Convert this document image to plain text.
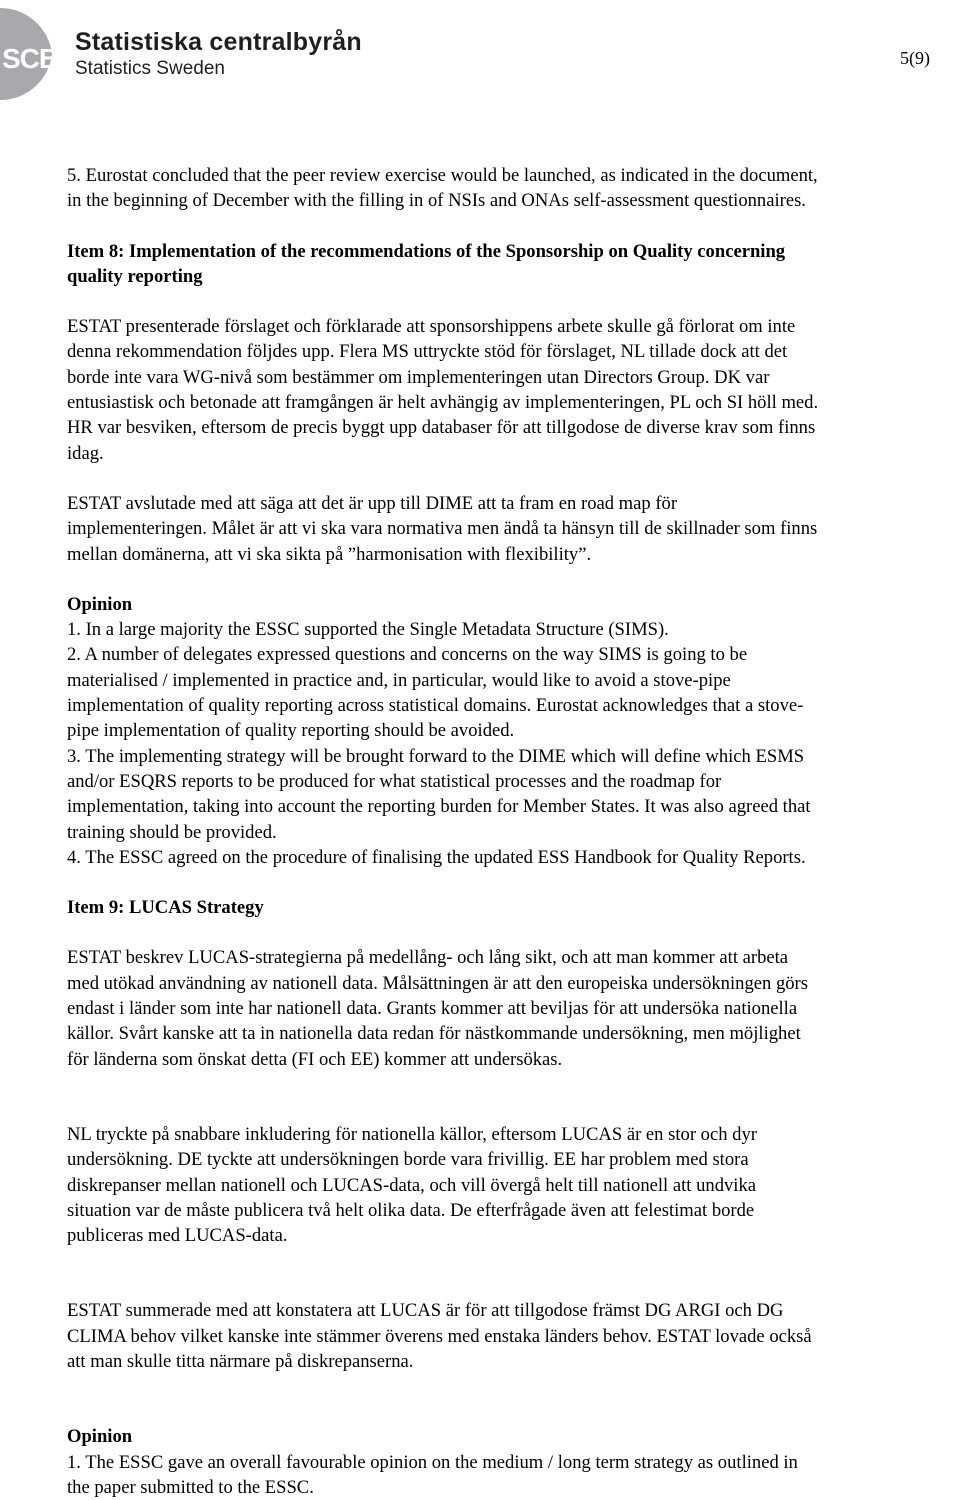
SCB
Statistiska centralbyrån
Statistics Sweden	5(9)

5. Eurostat concluded that the peer review exercise would be launched, as indicated in the document,

in the beginning of December with the filling in of NSIs and ONAs self-assessment questionnaires.

Item 8: Implementation of the recommendations of the Sponsorship on Quality concerning

quality reporting

ESTAT presenterade förslaget och förklarade att sponsorshippens arbete skulle gå förlorat om inte

denna rekommendation följdes upp. Flera MS uttryckte stöd för förslaget, NL tillade dock att det

borde inte vara WG-nivå som bestämmer om implementeringen utan Directors Group. DK var

entusiastisk och betonade att framgången är helt avhängig av implementeringen, PL och SI höll med.

HR var besviken, eftersom de precis byggt upp databaser för att tillgodose de diverse krav som finns

idag.

ESTAT avslutade med att säga att det är upp till DIME att ta fram en road map för

implementeringen. Målet är att vi ska vara normativa men ändå ta hänsyn till de skillnader som finns

mellan domänerna, att vi ska sikta på ”harmonisation with flexibility”.

Opinion

1. In a large majority the ESSC supported the Single Metadata Structure (SIMS).

2. A number of delegates expressed questions and concerns on the way SIMS is going to be

materialised / implemented in practice and, in particular, would like to avoid a stove-pipe

implementation of quality reporting across statistical domains. Eurostat acknowledges that a stove-

pipe implementation of quality reporting should be avoided.

3. The implementing strategy will be brought forward to the DIME which will define which ESMS

and/or ESQRS reports to be produced for what statistical processes and the roadmap for

implementation, taking into account the reporting burden for Member States. It was also agreed that

training should be provided.

4. The ESSC agreed on the procedure of finalising the updated ESS Handbook for Quality Reports.

Item 9: LUCAS Strategy

ESTAT beskrev LUCAS-strategierna på medellång- och lång sikt, och att man kommer att arbeta

med utökad användning av nationell data. Målsättningen är att den europeiska undersökningen görs

endast i länder som inte har nationell data. Grants kommer att beviljas för att undersöka nationella

källor. Svårt kanske att ta in nationella data redan för nästkommande undersökning, men möjlighet

för länderna som önskat detta (FI och EE) kommer att undersökas.

NL tryckte på snabbare inkludering för nationella källor, eftersom LUCAS är en stor och dyr

undersökning. DE tyckte att undersökningen borde vara frivillig. EE har problem med stora

diskrepanser mellan nationell och LUCAS-data, och vill övergå helt till nationell att undvika

situation var de måste publicera två helt olika data. De efterfrågade även att felestimat borde

publiceras med LUCAS-data.

ESTAT summerade med att konstatera att LUCAS är för att tillgodose främst DG ARGI och DG

CLIMA behov vilket kanske inte stämmer överens med enstaka länders behov. ESTAT lovade också

att man skulle titta närmare på diskrepanserna.

Opinion

1. The ESSC gave an overall favourable opinion on the medium / long term strategy as outlined in

the paper submitted to the ESSC.
